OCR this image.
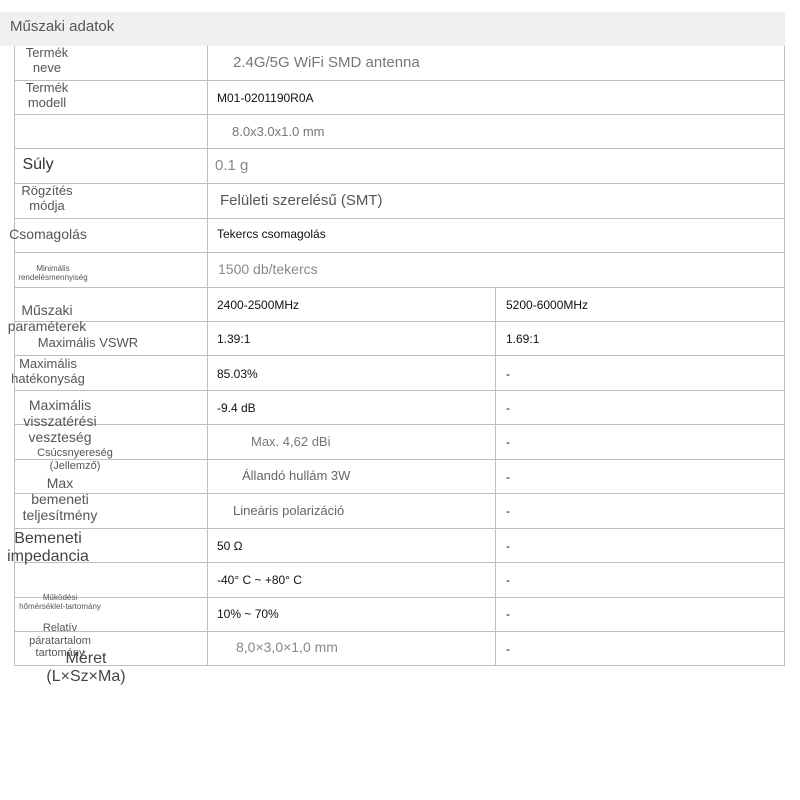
Műszaki adatok
Termék
neve
Termék
modell
Súly
Rögzítés
módja
Csomagolás
Minimális
rendelésmennyiség
Műszaki
paraméterek
Maximális VSWR
Maximális
hatékonyság
Maximális
visszatérési
veszteség
Csúcsnyereség
(Jellemző)
Max
bemeneti
teljesítmény
Bemeneti
impedancia
Működési
hőmérséklet-tartomány
Relatív
páratartalom
tartomány
Méret
(L×Sz×Ma)
2.4G/5G WiFi SMD antenna
M01-0201190R0A
8.0x3.0x1.0 mm
0.1 g
Felületi szerelésű (SMT)
Tekercs csomagolás
1500 db/tekercs
2400-2500MHz
1.39:1
85.03%
-9.4 dB
Max. 4,62 dBi
Állandó hullám 3W
Lineáris polarizáció
50 Ω
-40° C ~ +80° C
10% ~ 70%
8,0×3,0×1,0 mm
5200-6000MHz
1.69:1
-
-
-
-
-
-
-
-
-
